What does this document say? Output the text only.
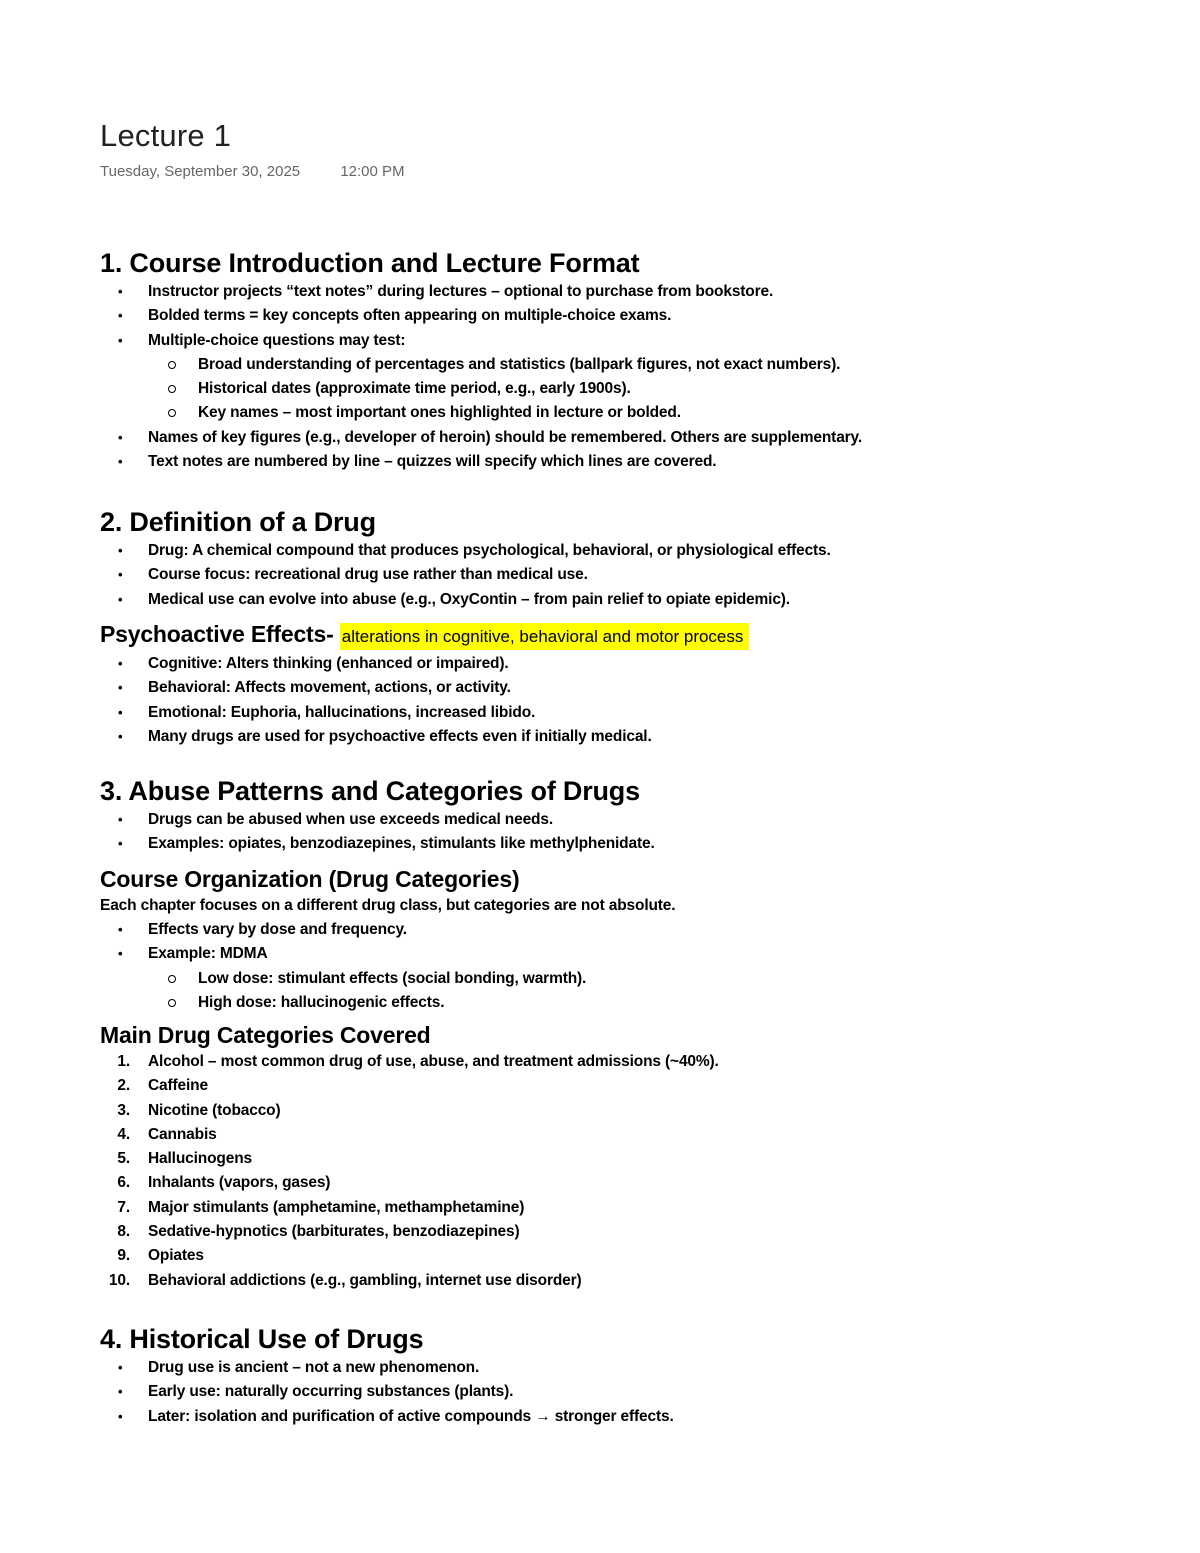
Lecture 1
Tuesday, September 30, 2025	12:00 PM
1. Course Introduction and Lecture Format
• Instructor projects “text notes” during lectures – optional to purchase from bookstore.
• Bolded terms = key concepts often appearing on multiple-choice exams.
• Multiple-choice questions may test:
Broad understanding of percentages and statistics (ballpark figures, not exact numbers).
Historical dates (approximate time period, e.g., early 1900s).
Key names – most important ones highlighted in lecture or bolded.
• Names of key figures (e.g., developer of heroin) should be remembered. Others are supplementary.
• Text notes are numbered by line – quizzes will specify which lines are covered.
2. Definition of a Drug
• Drug: A chemical compound that produces psychological, behavioral, or physiological effects.
• Course focus: recreational drug use rather than medical use.
• Medical use can evolve into abuse (e.g., OxyContin – from pain relief to opiate epidemic).
Psychoactive Effects- alterations in cognitive, behavioral and motor process
• Cognitive: Alters thinking (enhanced or impaired).
• Behavioral: Affects movement, actions, or activity.
• Emotional: Euphoria, hallucinations, increased libido.
• Many drugs are used for psychoactive effects even if initially medical.
3. Abuse Patterns and Categories of Drugs
• Drugs can be abused when use exceeds medical needs.
• Examples: opiates, benzodiazepines, stimulants like methylphenidate.
Course Organization (Drug Categories)
Each chapter focuses on a different drug class, but categories are not absolute.
• Effects vary by dose and frequency.
• Example: MDMA
Low dose: stimulant effects (social bonding, warmth).
High dose: hallucinogenic effects.
Main Drug Categories Covered
1. Alcohol – most common drug of use, abuse, and treatment admissions (~40%).
2. Caffeine
3. Nicotine (tobacco)
4. Cannabis
5. Hallucinogens
6. Inhalants (vapors, gases)
7. Major stimulants (amphetamine, methamphetamine)
8. Sedative-hypnotics (barbiturates, benzodiazepines)
9. Opiates
10. Behavioral addictions (e.g., gambling, internet use disorder)
4. Historical Use of Drugs
• Drug use is ancient – not a new phenomenon.
• Early use: naturally occurring substances (plants).
• Later: isolation and purification of active compounds → stronger effects.
